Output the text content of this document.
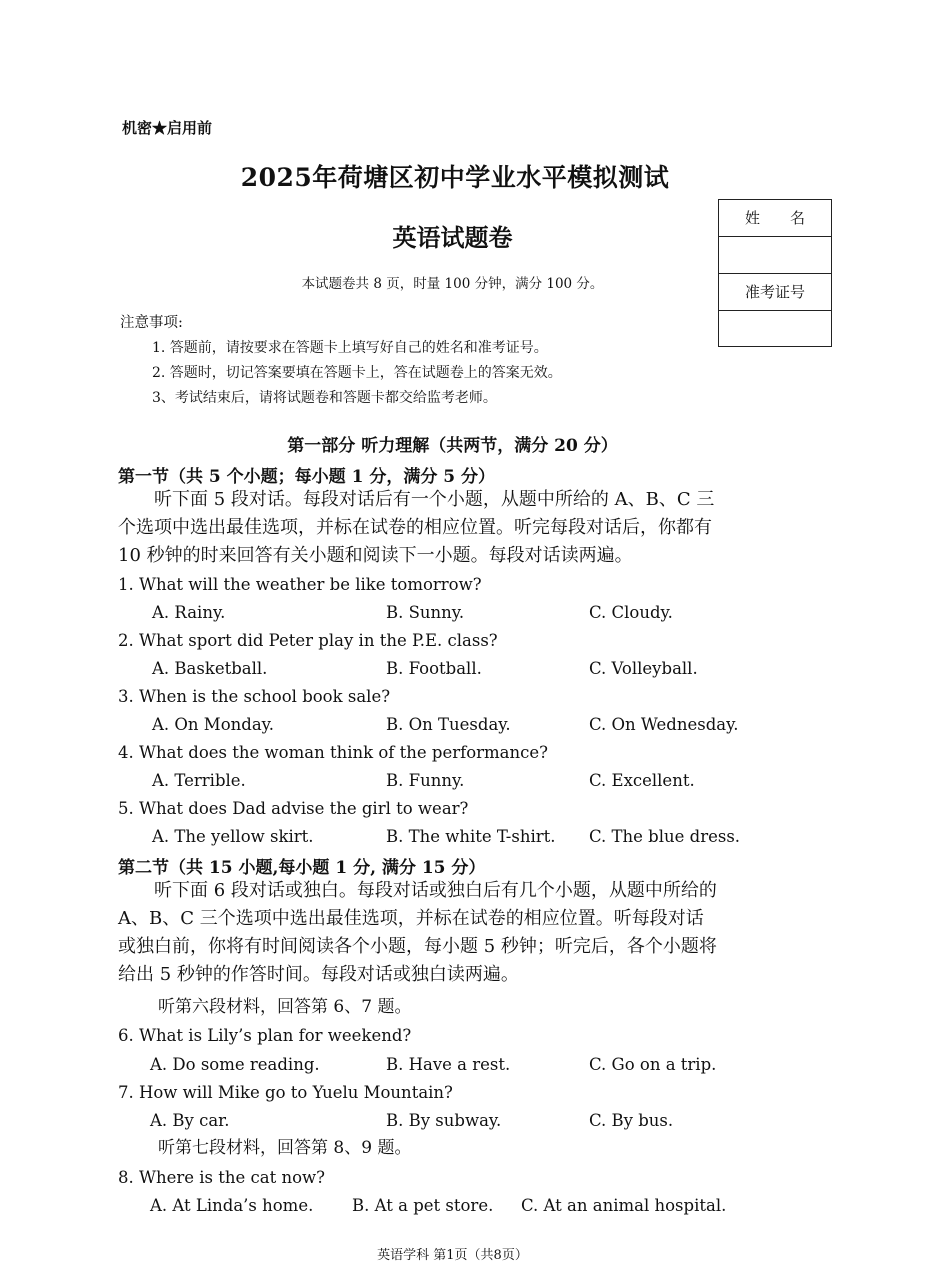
机密★启用前
2025年荷塘区初中学业水平模拟测试
英语试题卷
本试题卷共 8 页，时量 100 分钟，满分 100 分。
姓　　名
准考证号
注意事项:
1. 答题前，请按要求在答题卡上填写好自己的姓名和准考证号。
2. 答题时，切记答案要填在答题卡上，答在试题卷上的答案无效。
3、考试结束后，请将试题卷和答题卡都交给监考老师。
第一部分 听力理解（共两节，满分 20 分）
第一节（共 5 个小题；每小题 1 分，满分 5 分）
　　听下面 5 段对话。每段对话后有一个小题，从题中所给的 A、B、C 三
个选项中选出最佳选项，并标在试卷的相应位置。听完每段对话后，你都有
10 秒钟的时来回答有关小题和阅读下一小题。每段对话读两遍。
1. What will the weather be like tomorrow?
A. Rainy.	B. Sunny.	C. Cloudy.
2. What sport did Peter play in the P.E. class?
A. Basketball.	B. Football.	C. Volleyball.
3. When is the school book sale?
A. On Monday.	B. On Tuesday.	C. On Wednesday.
4. What does the woman think of the performance?
A. Terrible.	B. Funny.	C. Excellent.
5. What does Dad advise the girl to wear?
A. The yellow skirt.	B. The white T-shirt. C. The blue dress.
第二节（共 15 小题,每小题 1 分, 满分 15 分）
　　听下面 6 段对话或独白。每段对话或独白后有几个小题，从题中所给的
A、B、C 三个选项中选出最佳选项，并标在试卷的相应位置。听每段对话
或独白前，你将有时间阅读各个小题，每小题 5 秒钟；听完后，各个小题将
给出 5 秒钟的作答时间。每段对话或独白读两遍。
听第六段材料，回答第 6、7 题。
6. What is Lily’s plan for weekend?
A. Do some reading.	B. Have a rest.	C. Go on a trip.
7. How will Mike go to Yuelu Mountain?
A. By car.	B. By subway.	C. By bus.
听第七段材料，回答第 8、9 题。
8. Where is the cat now?
A. At Linda’s home. B. At a pet store. C. At an animal hospital.
英语学科 第1页（共8页）
